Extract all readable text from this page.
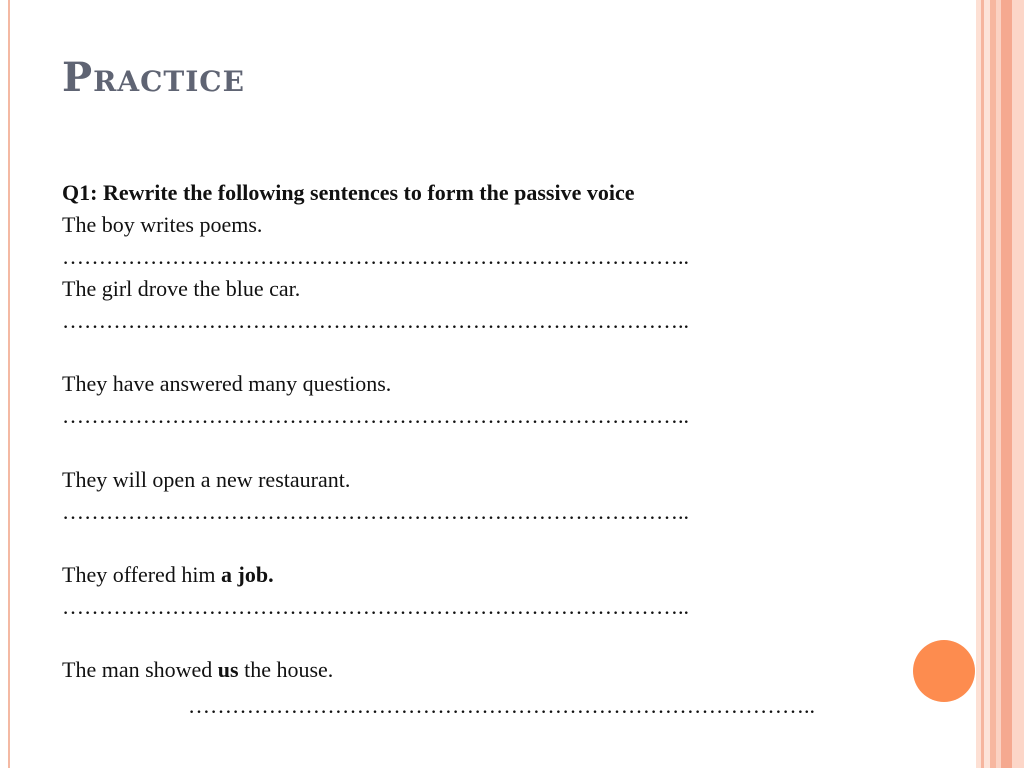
Practice
Q1: Rewrite the following sentences to form the passive voice
The boy writes poems.
…………………………………………………………………………..
The girl drove the blue car.
…………………………………………………………………………..
They have answered many questions.
…………………………………………………………………………..
They will open a new restaurant.
…………………………………………………………………………..
They offered him a job.
…………………………………………………………………………..
The man showed us the house.
…………………………………………………………………………..
